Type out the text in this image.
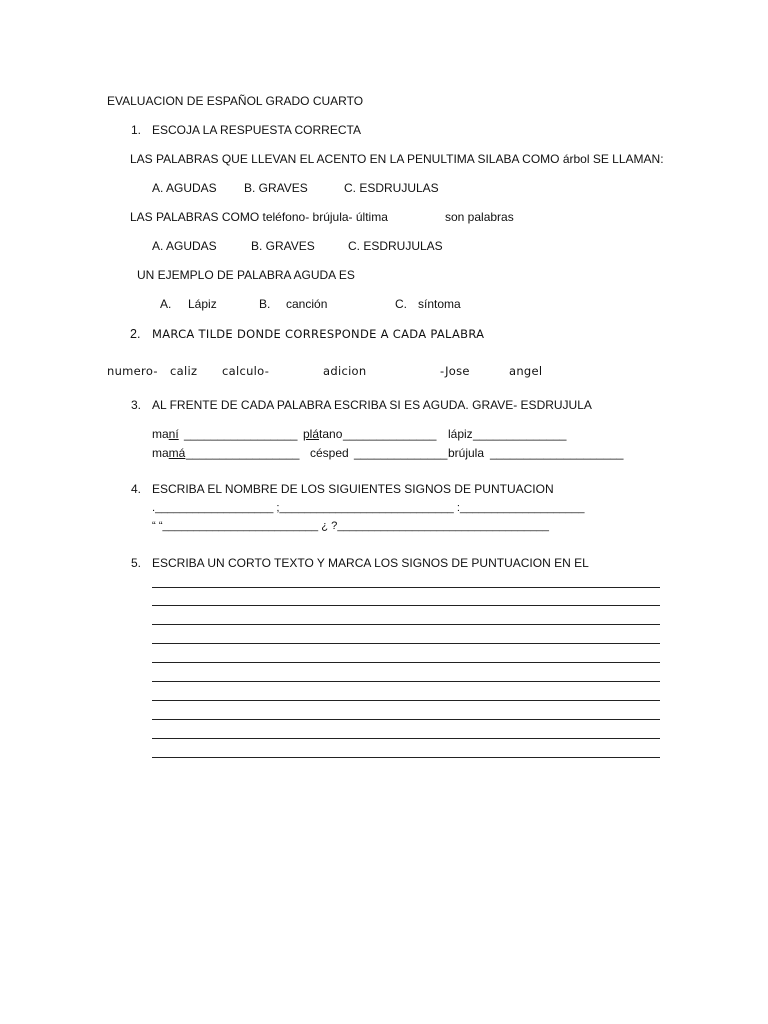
EVALUACION DE ESPAÑOL GRADO CUARTO
1. ESCOJA LA RESPUESTA CORRECTA
LAS PALABRAS QUE LLEVAN EL ACENTO EN LA PENULTIMA SILABA COMO árbol SE LLAMAN:
A. AGUDAS B. GRAVES	C. ESDRUJULAS
LAS PALABRAS COMO teléfono- brújula- última	son palabras
A. AGUDAS	B. GRAVES	C. ESDRUJULAS
UN EJEMPLO DE PALABRA AGUDA ES
A. Lápiz	B. canción	C. síntoma
2. MARCA TILDE DONDE CORRESPONDE A CADA PALABRA
numero- caliz calculo-	adicion	-Jose	angel
3. AL FRENTE DE CADA PALABRA ESCRIBA SI ES AGUDA. GRAVE- ESDRUJULA
maní _________________ plátano ______________ lápiz ______________
mamá _________________ césped ______________ brújula ____________________
4. ESCRIBA EL NOMBRE DE LOS SIGUIENTES SIGNOS DE PUNTUACION
.___________________ ;____________________________ :____________________
“ “_________________________ ¿ ?__________________________________
5. ESCRIBA UN CORTO TEXTO Y MARCA LOS SIGNOS DE PUNTUACION EN EL
